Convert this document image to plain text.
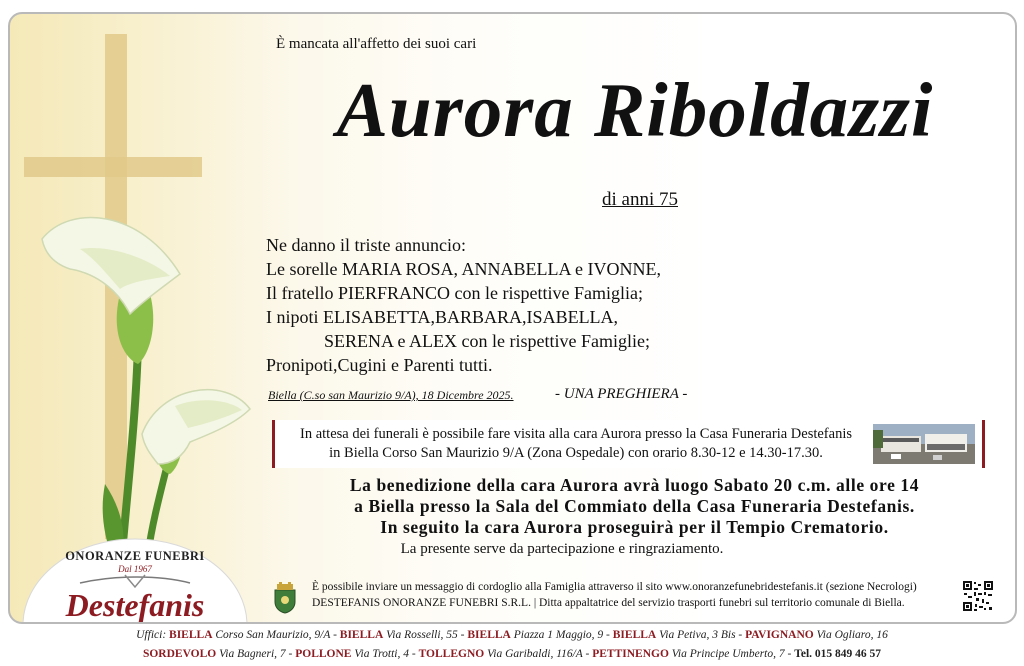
È mancata all'affetto dei suoi cari
Aurora Riboldazzi
di anni 75
Ne danno il triste annuncio:
Le sorelle MARIA ROSA, ANNABELLA e IVONNE,
Il fratello PIERFRANCO con le rispettive Famiglia;
I nipoti ELISABETTA,BARBARA,ISABELLA,
SERENA e ALEX con le rispettive Famiglie;
Pronipoti,Cugini e Parenti tutti.
Biella (C.so san Maurizio 9/A), 18 Dicembre 2025.	- UNA PREGHIERA -
In attesa dei funerali è possibile fare visita alla cara Aurora presso la Casa Funeraria Destefanis
in Biella Corso San Maurizio 9/A (Zona Ospedale) con orario 8.30-12 e 14.30-17.30.
La benedizione della cara Aurora avrà luogo Sabato 20 c.m. alle ore 14
a Biella presso la Sala del Commiato della Casa Funeraria Destefanis.
In seguito la cara Aurora proseguirà per il Tempio Crematorio.
La presente serve da partecipazione e ringraziamento.
È possibile inviare un messaggio di cordoglio alla Famiglia attraverso il sito www.onoranzefunebridestefanis.it (sezione Necrologi)
DESTEFANIS ONORANZE FUNEBRI S.R.L. | Ditta appaltatrice del servizio trasporti funebri sul territorio comunale di Biella.
ONORANZE FUNEBRI
Dal 1967
Destefanis
Uffici: BIELLA Corso San Maurizio, 9/A - BIELLA Via Rosselli, 55 - BIELLA Piazza 1 Maggio, 9 - BIELLA Via Petiva, 3 Bis - PAVIGNANO Via Ogliaro, 16
SORDEVOLO Via Bagneri, 7 - POLLONE Via Trotti, 4 - TOLLEGNO Via Garibaldi, 116/A - PETTINENGO Via Principe Umberto, 7 - Tel. 015 849 46 57
